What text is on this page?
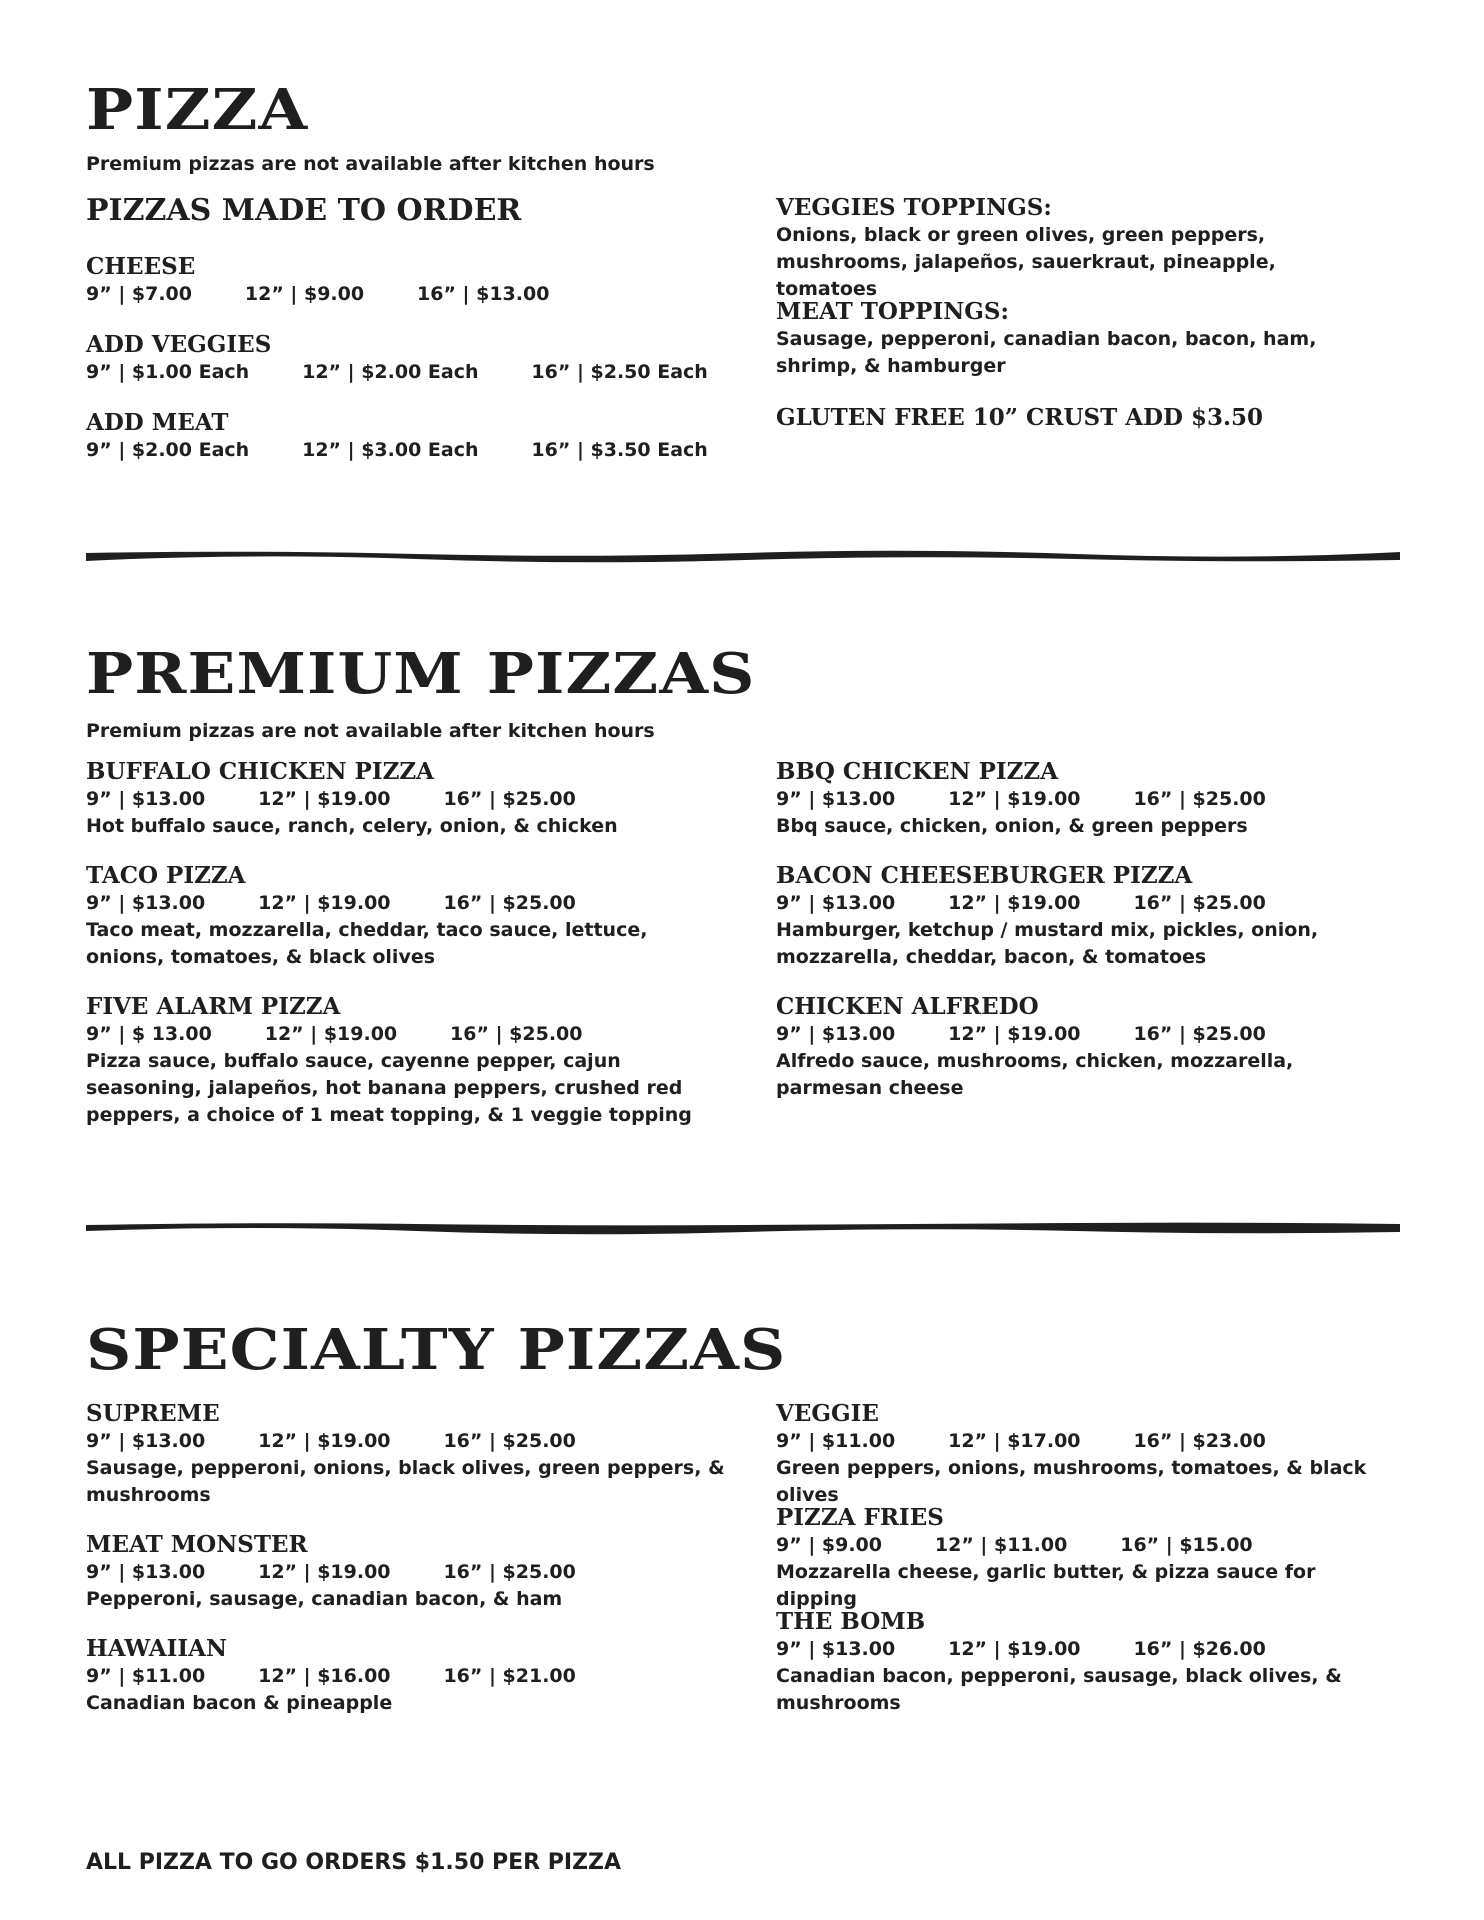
PIZZA
Premium pizzas are not available after kitchen hours
PIZZAS MADE TO ORDER
CHEESE
9” | $7.00        12” | $9.00        16” | $13.00
ADD VEGGIES
9” | $1.00 Each        12” | $2.00 Each        16” | $2.50 Each
ADD MEAT
9” | $2.00 Each        12” | $3.00 Each        16” | $3.50 Each
VEGGIES TOPPINGS:
Onions, black or green olives, green peppers, mushrooms, jalapeños, sauerkraut, pineapple, tomatoes
MEAT TOPPINGS:
Sausage, pepperoni, canadian bacon, bacon, ham, shrimp, & hamburger
GLUTEN FREE 10” CRUST ADD $3.50
PREMIUM PIZZAS
Premium pizzas are not available after kitchen hours
BUFFALO CHICKEN PIZZA
9” | $13.00        12” | $19.00        16” | $25.00
Hot buffalo sauce, ranch, celery, onion, & chicken
TACO PIZZA
9” | $13.00        12” | $19.00        16” | $25.00
Taco meat, mozzarella, cheddar, taco sauce, lettuce, onions, tomatoes, & black olives
FIVE ALARM PIZZA
9” | $ 13.00        12” | $19.00        16” | $25.00
Pizza sauce, buffalo sauce, cayenne pepper, cajun seasoning, jalapeños, hot banana peppers, crushed red peppers, a choice of 1 meat topping, & 1 veggie topping
BBQ CHICKEN PIZZA
9” | $13.00        12” | $19.00        16” | $25.00
Bbq sauce, chicken, onion, & green peppers
BACON CHEESEBURGER PIZZA
9” | $13.00        12” | $19.00        16” | $25.00
Hamburger, ketchup / mustard mix, pickles, onion, mozzarella, cheddar, bacon, & tomatoes
CHICKEN ALFREDO
9” | $13.00        12” | $19.00        16” | $25.00
Alfredo sauce, mushrooms, chicken, mozzarella, parmesan cheese
SPECIALTY PIZZAS
SUPREME
9” | $13.00        12” | $19.00        16” | $25.00
Sausage, pepperoni, onions, black olives, green peppers, & mushrooms
MEAT MONSTER
9” | $13.00        12” | $19.00        16” | $25.00
Pepperoni, sausage, canadian bacon, & ham
HAWAIIAN
9” | $11.00        12” | $16.00        16” | $21.00
Canadian bacon & pineapple
VEGGIE
9” | $11.00        12” | $17.00        16” | $23.00
Green peppers, onions, mushrooms, tomatoes, & black olives
PIZZA FRIES
9” | $9.00        12” | $11.00        16” | $15.00
Mozzarella cheese, garlic butter, & pizza sauce for dipping
THE BOMB
9” | $13.00        12” | $19.00        16” | $26.00
Canadian bacon, pepperoni, sausage, black olives, & mushrooms
ALL PIZZA TO GO ORDERS $1.50 PER PIZZA
